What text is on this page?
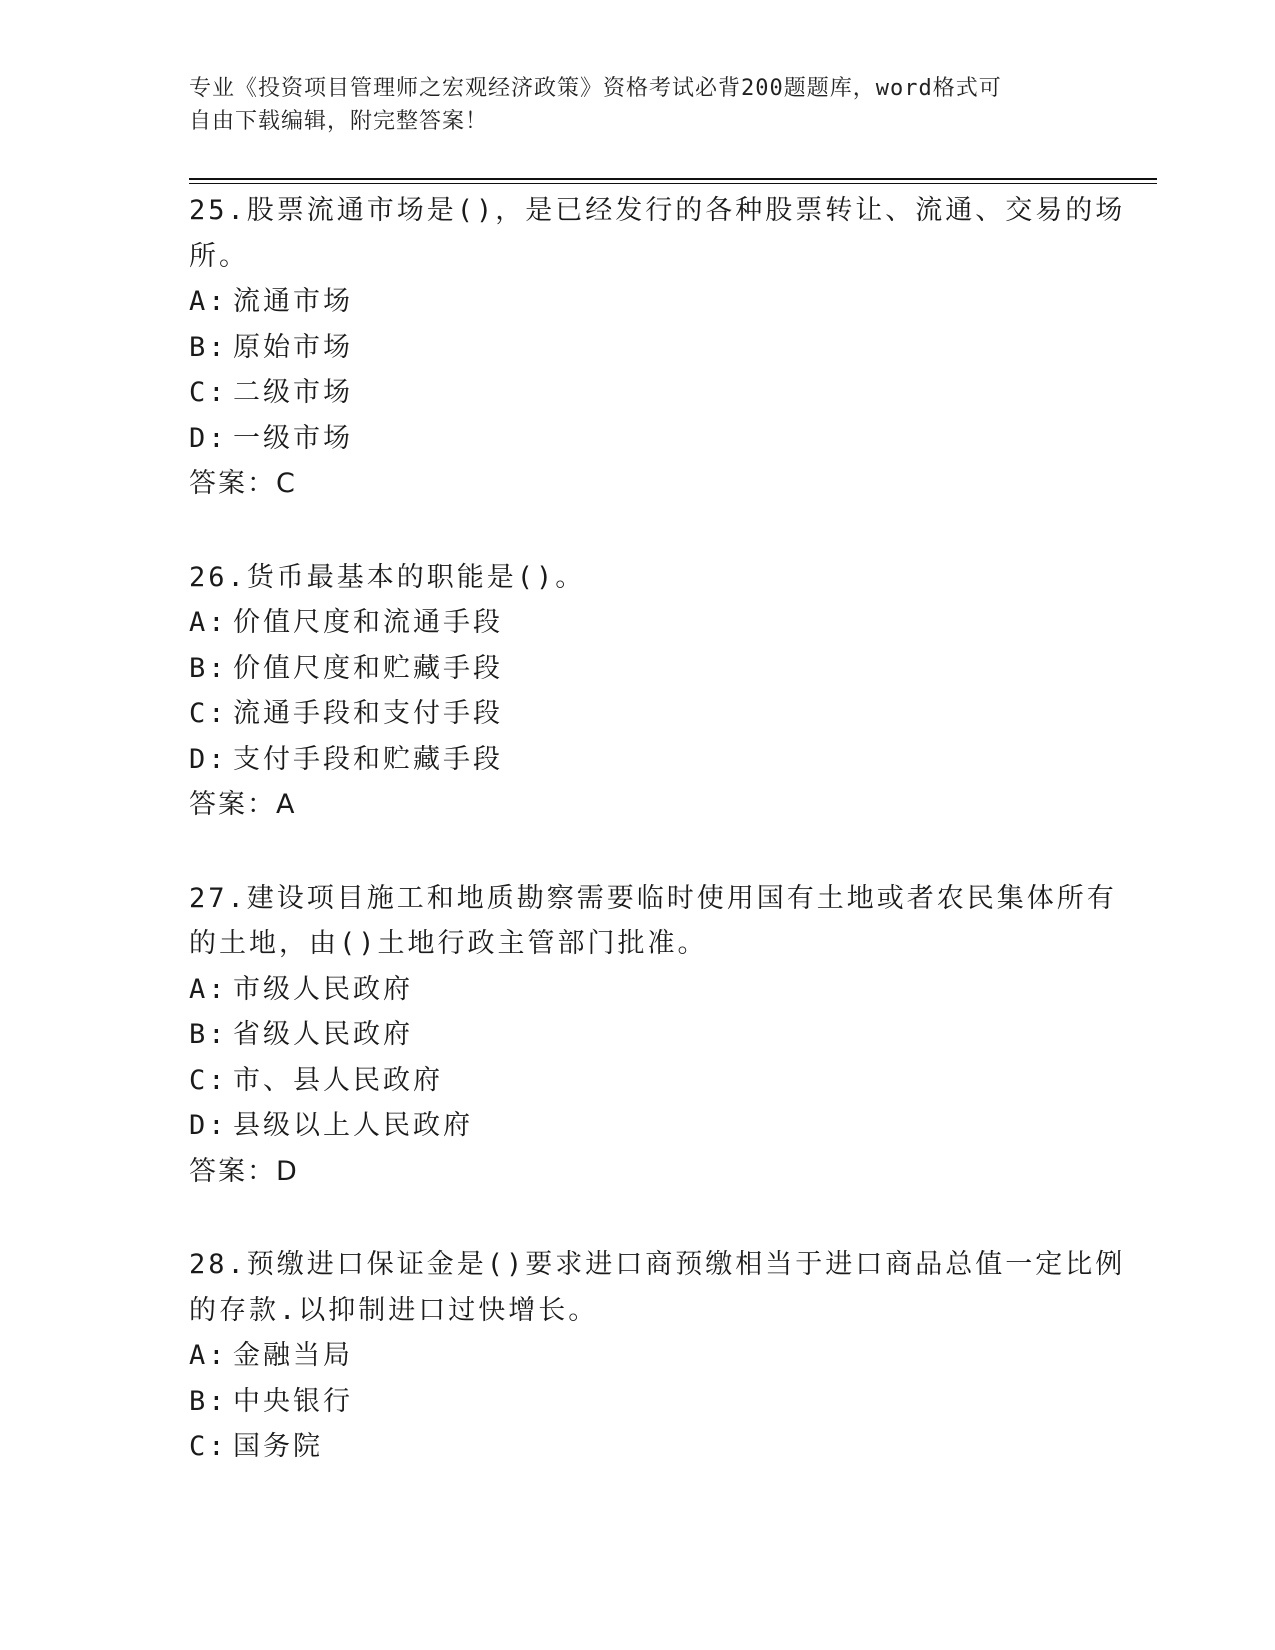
专业《投资项目管理师之宏观经济政策》资格考试必背200题题库，word格式可
自由下载编辑，附完整答案！
25.股票流通市场是()，是已经发行的各种股票转让、流通、交易的场
所。
A: 流通市场
B: 原始市场
C: 二级市场
D: 一级市场
答案：C
26.货币最基本的职能是()。
A: 价值尺度和流通手段
B: 价值尺度和贮藏手段
C: 流通手段和支付手段
D: 支付手段和贮藏手段
答案：A
27.建设项目施工和地质勘察需要临时使用国有土地或者农民集体所有
的土地，由()土地行政主管部门批准。
A: 市级人民政府
B: 省级人民政府
C: 市、县人民政府
D: 县级以上人民政府
答案：D
28.预缴进口保证金是()要求进口商预缴相当于进口商品总值一定比例
的存款.以抑制进口过快增长。
A: 金融当局
B: 中央银行
C: 国务院
